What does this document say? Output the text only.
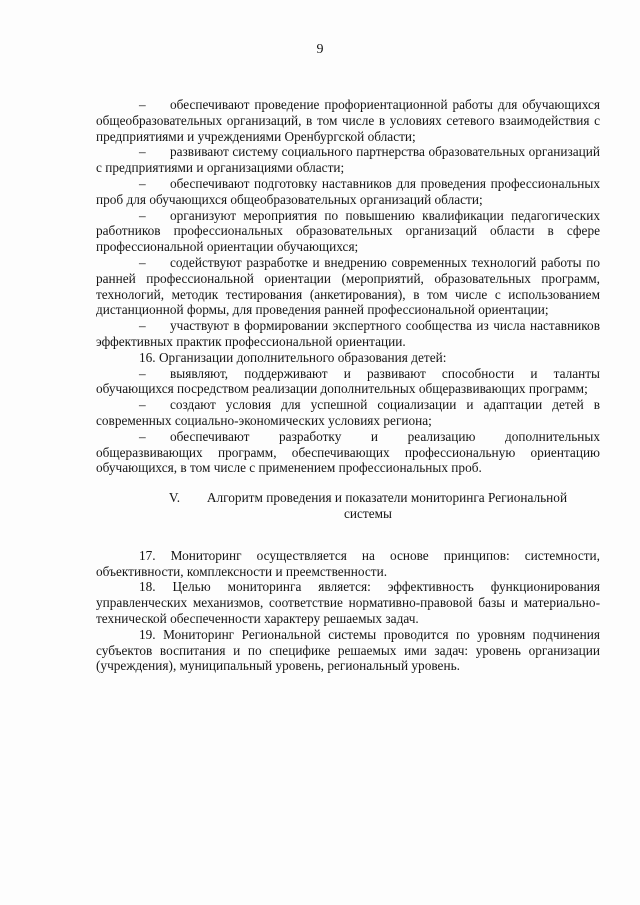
9

– обеспечивают проведение профориентационной работы для обучающихся общеобразовательных организаций, в том числе в условиях сетевого взаимодействия с предприятиями и учреждениями Оренбургской области;

– развивают систему социального партнерства образовательных организаций с предприятиями и организациями области;

– обеспечивают подготовку наставников для проведения профессиональных проб для обучающихся общеобразовательных организаций области;

– организуют мероприятия по повышению квалификации педагогических работников профессиональных образовательных организаций области в сфере профессиональной ориентации обучающихся;

– содействуют разработке и внедрению современных технологий работы по ранней профессиональной ориентации (мероприятий, образовательных программ, технологий, методик тестирования (анкетирования), в том числе с использованием дистанционной формы, для проведения ранней профессиональной ориентации;

– участвуют в формировании экспертного сообщества из числа наставников эффективных практик профессиональной ориентации.

16. Организации дополнительного образования детей:

– выявляют, поддерживают и развивают способности и таланты обучающихся посредством реализации дополнительных общеразвивающих программ;

– создают условия для успешной социализации и адаптации детей в современных социально-экономических условиях региона;

– обеспечивают разработку и реализацию дополнительных общеразвивающих программ, обеспечивающих профессиональную ориентацию обучающихся, в том числе с применением профессиональных проб.

V. Алгоритм проведения и показатели мониторинга Региональной системы

17. Мониторинг осуществляется на основе принципов: системности, объективности, комплексности и преемственности.

18. Целью мониторинга является: эффективность функционирования управленческих механизмов, соответствие нормативно-правовой базы и материально-технической обеспеченности характеру решаемых задач.

19. Мониторинг Региональной системы проводится по уровням подчинения субъектов воспитания и по специфике решаемых ими задач: уровень организации (учреждения), муниципальный уровень, региональный уровень.
